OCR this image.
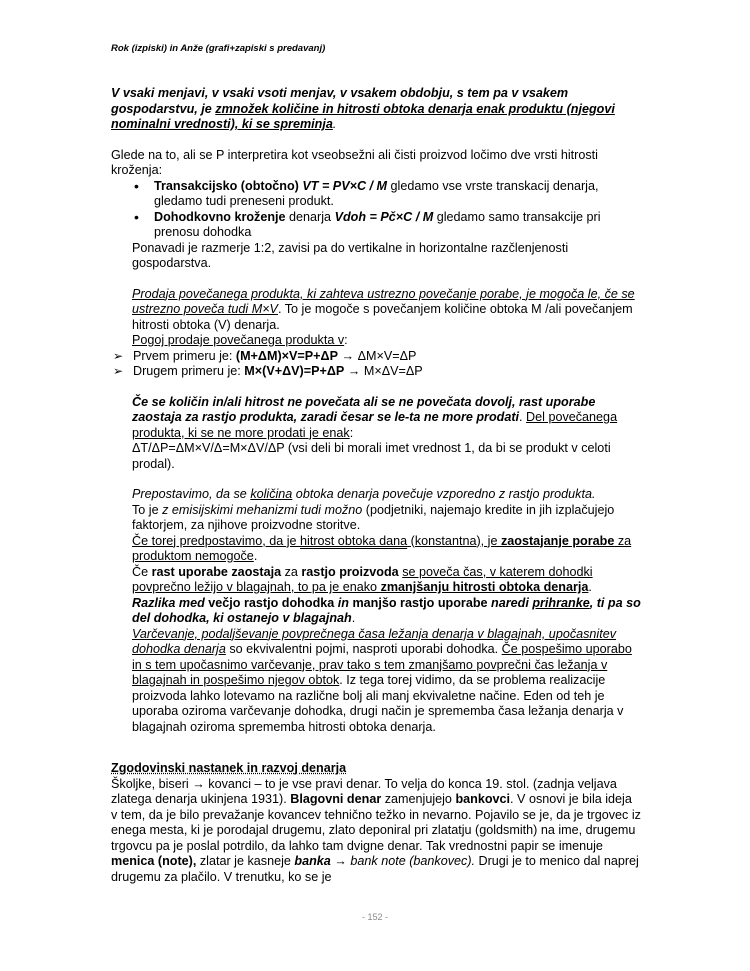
Rok (izpiski) in Anže (grafi+zapiski s predavanj)

V vsaki menjavi, v vsaki vsoti menjav, v vsakem obdobju, s tem pa v vsakem gospodarstvu, je zmnožek količine in hitrosti obtoka denarja enak produktu (njegovi nominalni vrednosti), ki se spreminja.

Glede na to, ali se P interpretira kot vseobsežni ali čisti proizvod ločimo dve vrsti hitrosti kroženja:

• Transakcijsko (obtočno) VT = PV×C / M gledamo vse vrste transkacij denarja, gledamo tudi preneseni produkt.
• Dohodkovno kroženje denarja Vdoh = Pč×C / M gledamo samo transakcije pri prenosu dohodka

Ponavadi je razmerje 1:2, zavisi pa do vertikalne in horizontalne razčlenjenosti gospodarstva.

Prodaja povečanega produkta, ki zahteva ustrezno povečanje porabe, je mogoča le, če se ustrezno poveča tudi M×V. To je mogoče s povečanjem količine obtoka M /ali povečanjem hitrosti obtoka (V) denarja.

Pogoj prodaje povečanega produkta v:

➢ Prvem primeru je: (M+ΔM)×V=P+ΔP → ΔM×V=ΔP
➢ Drugem primeru je: M×(V+ΔV)=P+ΔP → M×ΔV=ΔP

Če se količin in/ali hitrost ne povečata ali se ne povečata dovolj, rast uporabe zaostaja za rastjo produkta, zaradi česar se le-ta ne more prodati. Del povečanega produkta, ki se ne more prodati je enak:

ΔT/ΔP=ΔM×V/Δ=M×ΔV/ΔP (vsi deli bi morali imet vrednost 1, da bi se produkt v celoti prodal).

Prepostavimo, da se količina obtoka denarja povečuje vzporedno z rastjo produkta.

To je z emisijskimi mehanizmi tudi možno (podjetniki, najemajo kredite in jih izplačujejo faktorjem, za njihove proizvodne storitve.

Če torej predpostavimo, da je hitrost obtoka dana (konstantna), je zaostajanje porabe za produktom nemogoče.

Če rast uporabe zaostaja za rastjo proizvoda se poveča čas, v katerem dohodki povprečno ležijo v blagajnah, to pa je enako zmanjšanju hitrosti obtoka denarja.

Razlika med večjo rastjo dohodka in manjšo rastjo uporabe naredi prihranke, ti pa so del dohodka, ki ostanejo v blagajnah.

Varčevanje, podaljševanje povprečnega časa ležanja denarja v blagajnah, upočasnitev dohodka denarja so ekvivalentni pojmi, nasproti uporabi dohodka. Če pospešimo uporabo in s tem upočasnimo varčevanje, prav tako s tem zmanjšamo povprečni čas ležanja v blagajnah in pospešimo njegov obtok. Iz tega torej vidimo, da se problema realizacije proizvoda lahko lotevamo na različne bolj ali manj ekvivaletne načine. Eden od teh je uporaba oziroma varčevanje dohodka, drugi način je sprememba časa ležanja denarja v blagajnah oziroma sprememba hitrosti obtoka denarja.

Zgodovinski nastanek in razvoj denarja

Školjke, biseri → kovanci – to je vse pravi denar. To velja do konca 19. stol. (zadnja veljava zlatega denarja ukinjena 1931). Blagovni denar zamenjujejo bankovci. V osnovi je bila ideja v tem, da je bilo prevažanje kovancev tehnično težko in nevarno. Pojavilo se je, da je trgovec iz enega mesta, ki je porodajal drugemu, zlato deponiral pri zlatatju (goldsmith) na ime, drugemu trgovcu pa je poslal potrdilo, da lahko tam dvigne denar. Tak vrednostni papir se imenuje menica (note), zlatar je kasneje banka → bank note (bankovec). Drugi je to menico dal naprej drugemu za plačilo. V trenutku, ko se je

- 152 -
